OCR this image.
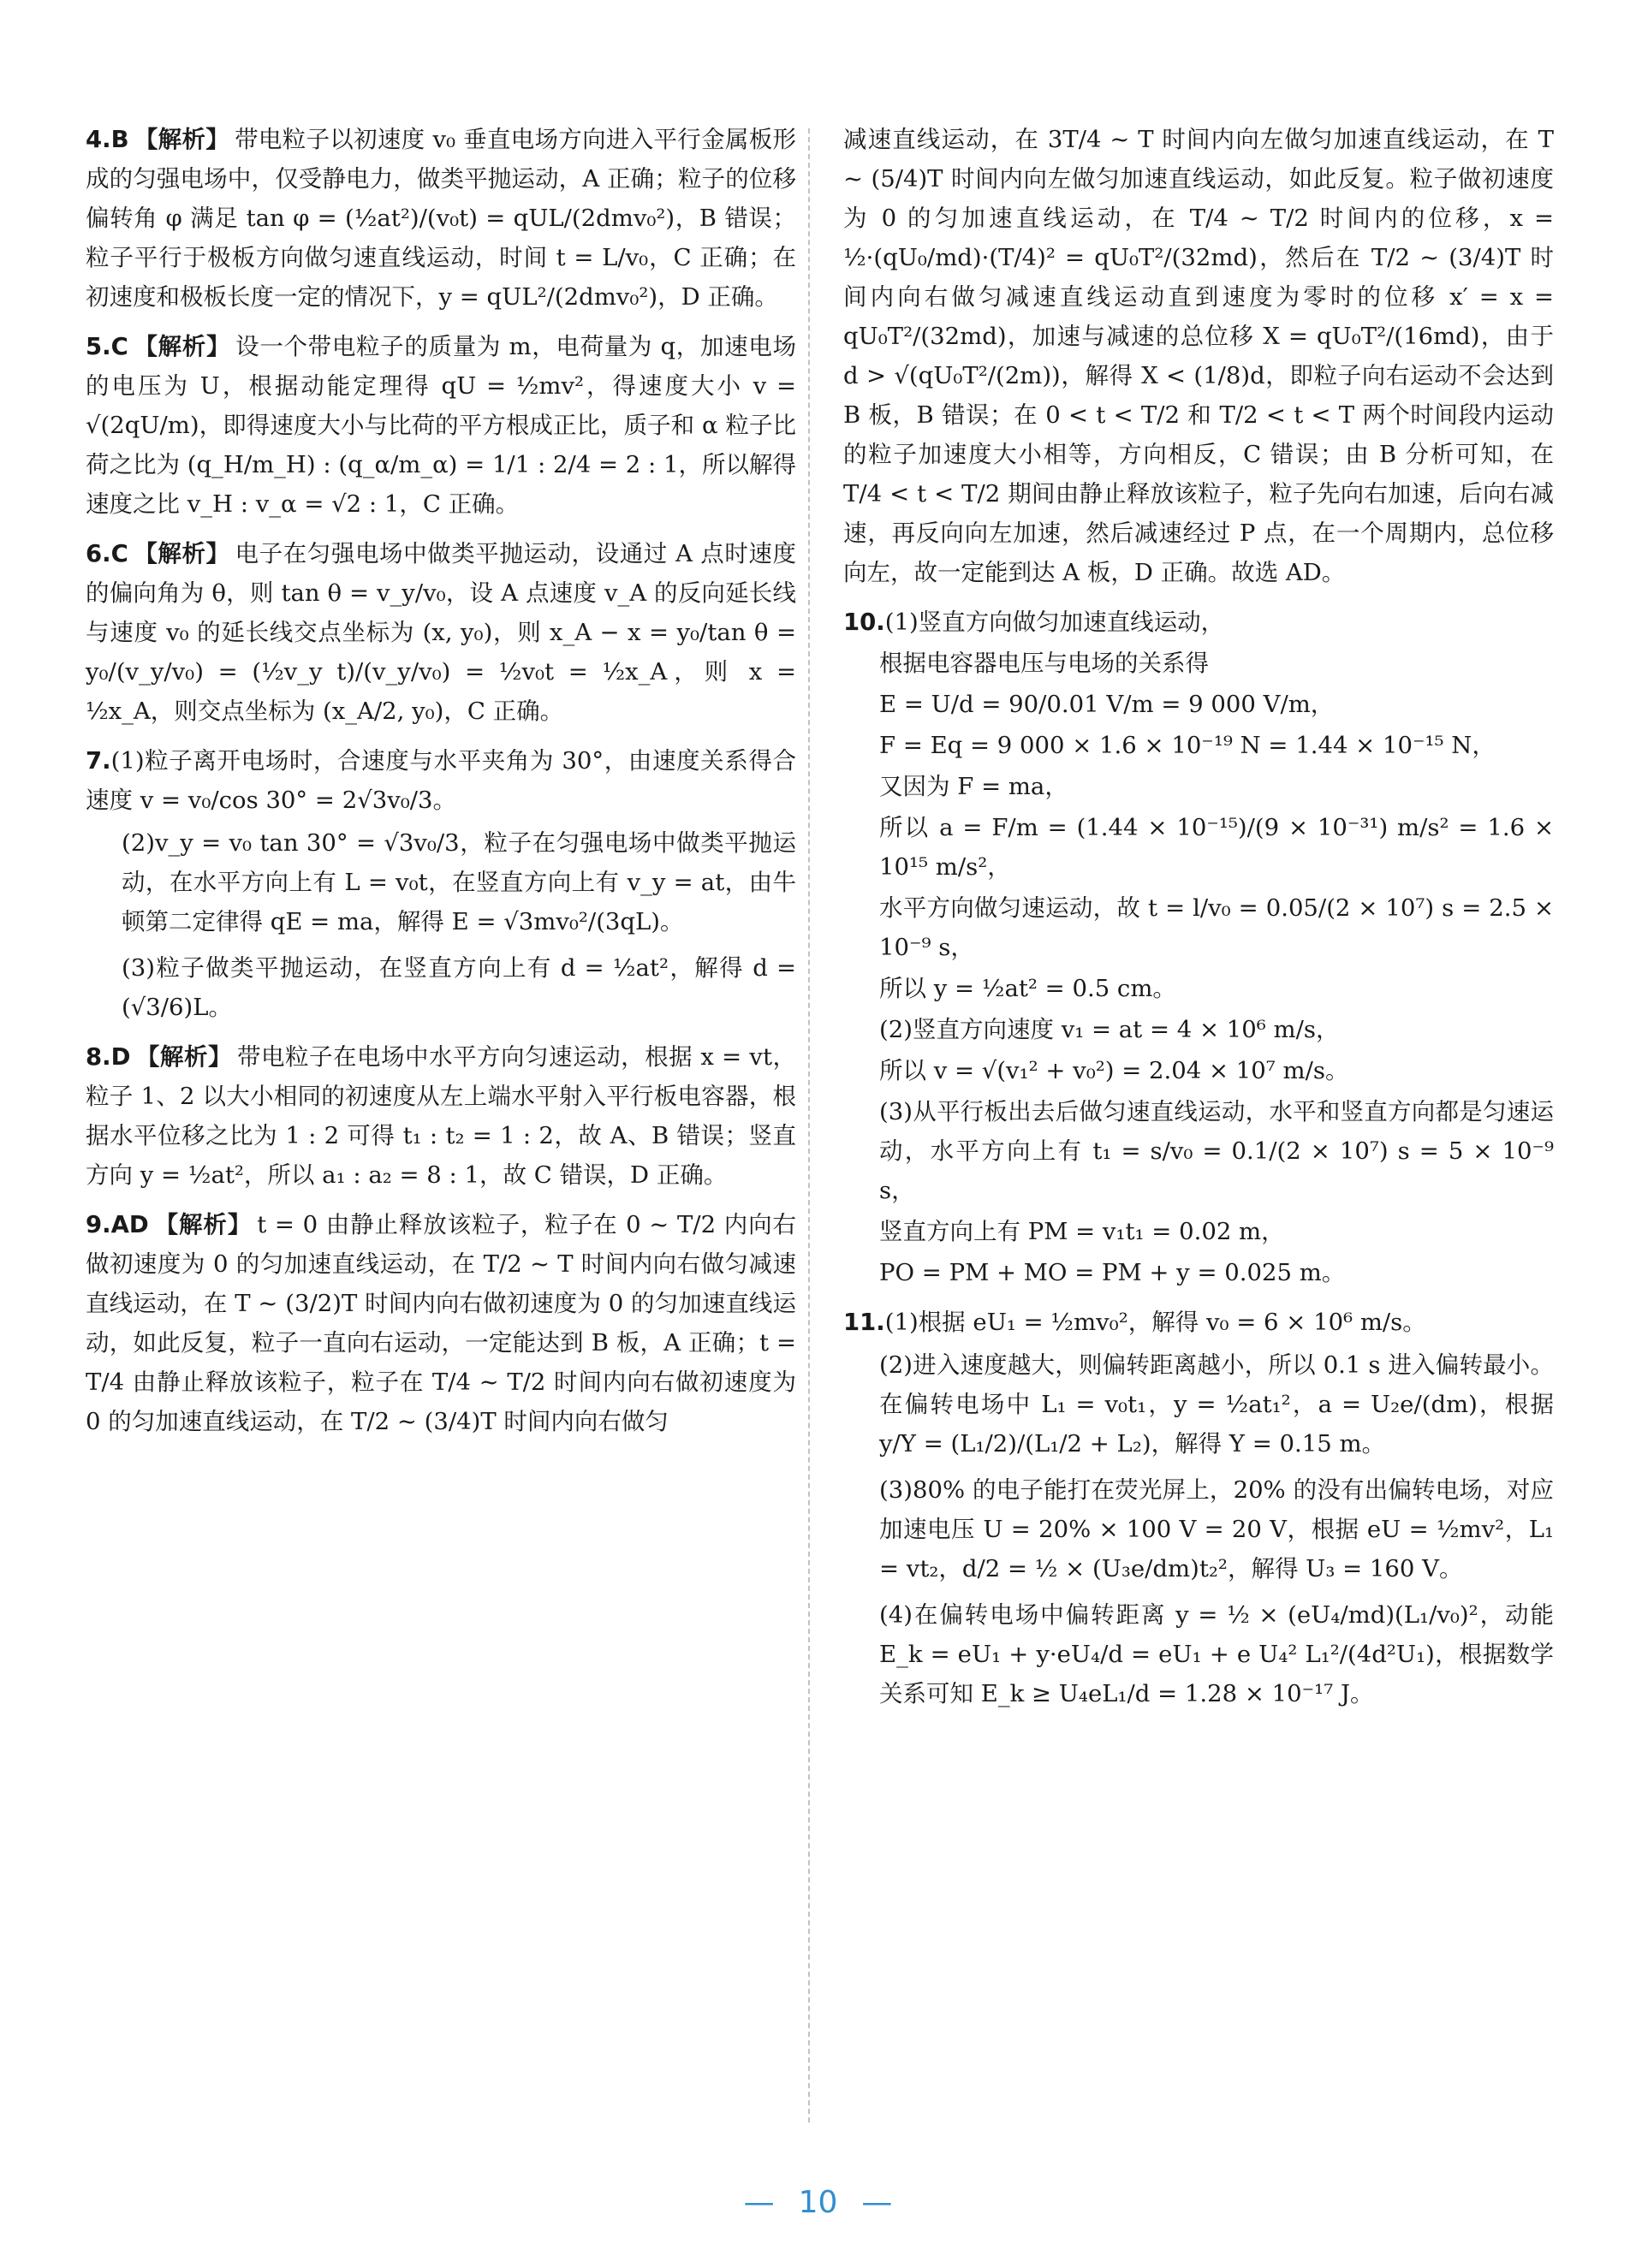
4.B 【解析】 带电粒子以初速度 v₀ 垂直电场方向进入平行金属板形成的匀强电场中，仅受静电力，做类平抛运动，A 正确；粒子的位移偏转角 φ 满足 tan φ = (½at²)/(v₀t) = qUL/(2dmv₀²)，B 错误；粒子平行于极板方向做匀速直线运动，时间 t = L/v₀，C 正确；在初速度和极板长度一定的情况下，y = qUL²/(2dmv₀²)，D 正确。
5.C 【解析】 设一个带电粒子的质量为 m，电荷量为 q，加速电场的电压为 U，根据动能定理得 qU = ½mv²，得速度大小 v = √(2qU/m)，即得速度大小与比荷的平方根成正比，质子和 α 粒子比荷之比为 (q_H/m_H) : (q_α/m_α) = 1/1 : 2/4 = 2 : 1，所以解得速度之比 v_H : v_α = √2 : 1，C 正确。
6.C 【解析】 电子在匀强电场中做类平抛运动，设通过 A 点时速度的偏向角为 θ，则 tan θ = v_y/v₀，设 A 点速度 v_A 的反向延长线与速度 v₀ 的延长线交点坐标为 (x, y₀)，则 x_A − x = y₀/tan θ = y₀/(v_y/v₀) = (½v_y t)/(v_y/v₀) = ½v₀t = ½x_A，则 x = ½x_A，则交点坐标为 (x_A/2, y₀)，C 正确。
7.(1)粒子离开电场时，合速度与水平夹角为 30°，由速度关系得合速度 v = v₀/cos 30° = 2√3v₀/3。
(2)v_y = v₀ tan 30° = √3v₀/3，粒子在匀强电场中做类平抛运动，在水平方向上有 L = v₀t，在竖直方向上有 v_y = at，由牛顿第二定律得 qE = ma，解得 E = √3mv₀²/(3qL)。
(3)粒子做类平抛运动，在竖直方向上有 d = ½at²，解得 d = (√3/6)L。
8.D 【解析】 带电粒子在电场中水平方向匀速运动，根据 x = vt，粒子 1、2 以大小相同的初速度从左上端水平射入平行板电容器，根据水平位移之比为 1 : 2 可得 t₁ : t₂ = 1 : 2，故 A、B 错误；竖直方向 y = ½at²，所以 a₁ : a₂ = 8 : 1，故 C 错误，D 正确。
9.AD 【解析】 t = 0 由静止释放该粒子，粒子在 0 ~ T/2 内向右做初速度为 0 的匀加速直线运动，在 T/2 ~ T 时间内向右做匀减速直线运动，在 T ~ (3/2)T 时间内向右做初速度为 0 的匀加速直线运动，如此反复，粒子一直向右运动，一定能达到 B 板，A 正确；t = T/4 由静止释放该粒子，粒子在 T/4 ~ T/2 时间内向右做初速度为 0 的匀加速直线运动，在 T/2 ~ (3/4)T 时间内向右做匀
减速直线运动，在 3T/4 ~ T 时间内向左做匀加速直线运动，在 T ~ (5/4)T 时间内向左做匀加速直线运动，如此反复。粒子做初速度为 0 的匀加速直线运动，在 T/4 ~ T/2 时间内的位移，x = ½·(qU₀/md)·(T/4)² = qU₀T²/(32md)，然后在 T/2 ~ (3/4)T 时间内向右做匀减速直线运动直到速度为零时的位移 x′ = x = qU₀T²/(32md)，加速与减速的总位移 X = qU₀T²/(16md)，由于 d > √(qU₀T²/(2m))，解得 X < (1/8)d，即粒子向右运动不会达到 B 板，B 错误；在 0 < t < T/2 和 T/2 < t < T 两个时间段内运动的粒子加速度大小相等，方向相反，C 错误；由 B 分析可知，在 T/4 < t < T/2 期间由静止释放该粒子，粒子先向右加速，后向右减速，再反向向左加速，然后减速经过 P 点，在一个周期内，总位移向左，故一定能到达 A 板，D 正确。故选 AD。
10.(1)竖直方向做匀加速直线运动，
根据电容器电压与电场的关系得
E = U/d = 90/0.01 V/m = 9 000 V/m，
F = Eq = 9 000 × 1.6 × 10⁻¹⁹ N = 1.44 × 10⁻¹⁵ N，
又因为 F = ma，
所以 a = F/m = (1.44 × 10⁻¹⁵)/(9 × 10⁻³¹) m/s² = 1.6 × 10¹⁵ m/s²，
水平方向做匀速运动，故 t = l/v₀ = 0.05/(2 × 10⁷) s = 2.5 × 10⁻⁹ s，
所以 y = ½at² = 0.5 cm。
(2)竖直方向速度 v₁ = at = 4 × 10⁶ m/s，
所以 v = √(v₁² + v₀²) = 2.04 × 10⁷ m/s。
(3)从平行板出去后做匀速直线运动，水平和竖直方向都是匀速运动，水平方向上有 t₁ = s/v₀ = 0.1/(2 × 10⁷) s = 5 × 10⁻⁹ s，
竖直方向上有 PM = v₁t₁ = 0.02 m，
PO = PM + MO = PM + y = 0.025 m。
11.(1)根据 eU₁ = ½mv₀²，解得 v₀ = 6 × 10⁶ m/s。
(2)进入速度越大，则偏转距离越小，所以 0.1 s 进入偏转最小。在偏转电场中 L₁ = v₀t₁，y = ½at₁²，a = U₂e/(dm)，根据 y/Y = (L₁/2)/(L₁/2 + L₂)，解得 Y = 0.15 m。
(3)80% 的电子能打在荧光屏上，20% 的没有出偏转电场，对应加速电压 U = 20% × 100 V = 20 V，根据 eU = ½mv²，L₁ = vt₂，d/2 = ½ × (U₃e/dm)t₂²，解得 U₃ = 160 V。
(4)在偏转电场中偏转距离 y = ½ × (eU₄/md)(L₁/v₀)²，动能 E_k = eU₁ + y·eU₄/d = eU₁ + e U₄² L₁²/(4d²U₁)，根据数学关系可知 E_k ≥ U₄eL₁/d = 1.28 × 10⁻¹⁷ J。
— 10 —
